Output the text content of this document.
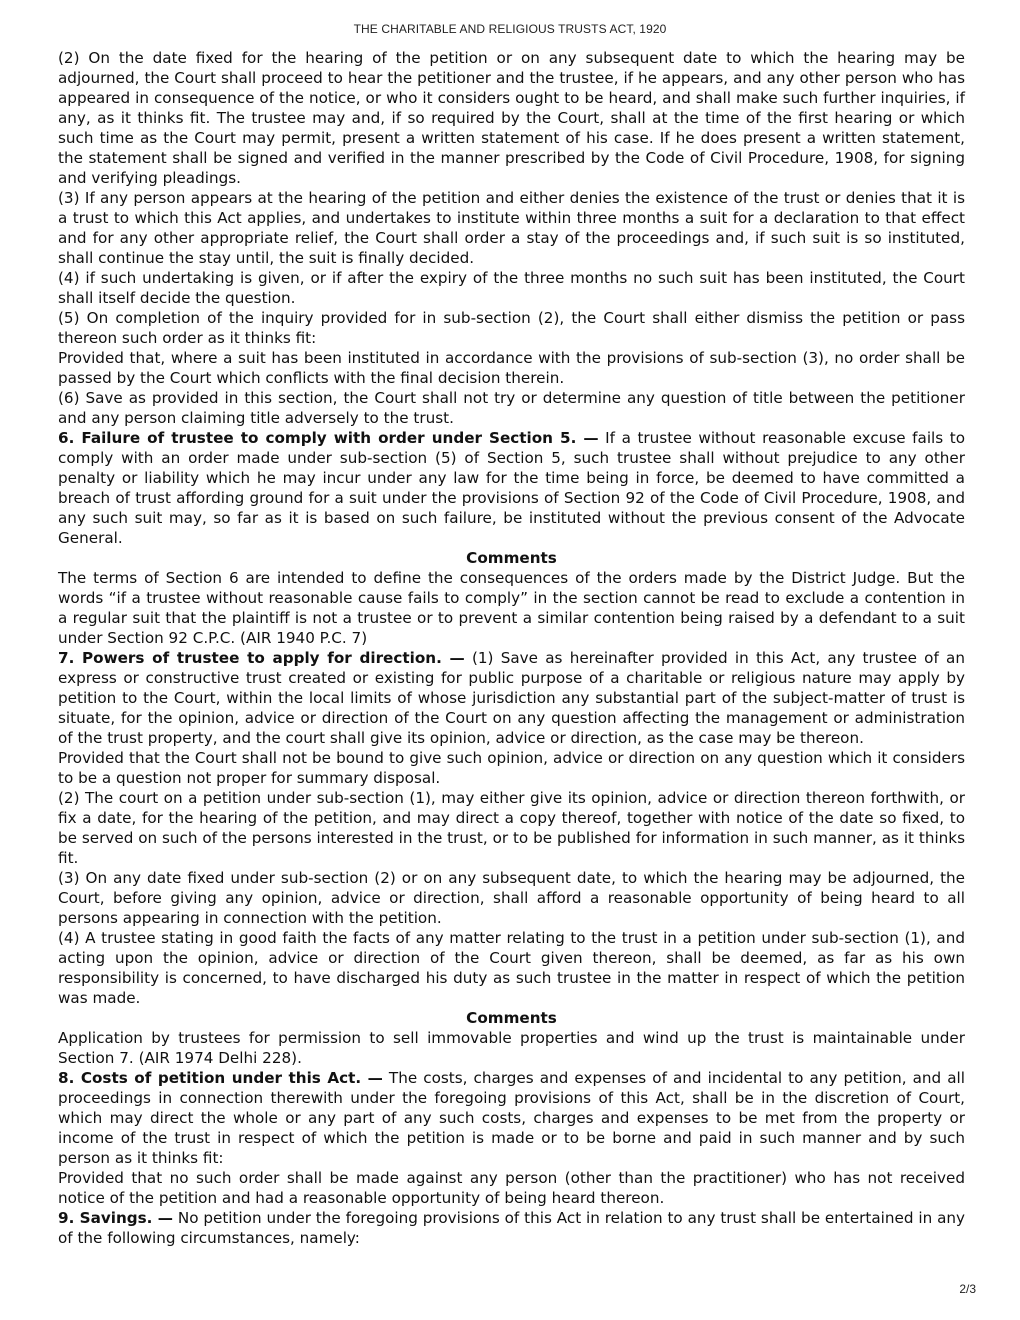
THE CHARITABLE AND RELIGIOUS TRUSTS ACT, 1920

(2) On the date fixed for the hearing of the petition or on any subsequent date to which the hearing may be adjourned, the Court shall proceed to hear the petitioner and the trustee, if he appears, and any other person who has appeared in consequence of the notice, or who it considers ought to be heard, and shall make such further inquiries, if any, as it thinks fit. The trustee may and, if so required by the Court, shall at the time of the first hearing or which such time as the Court may permit, present a written statement of his case. If he does present a written statement, the statement shall be signed and verified in the manner prescribed by the Code of Civil Procedure, 1908, for signing and verifying pleadings.

(3) If any person appears at the hearing of the petition and either denies the existence of the trust or denies that it is a trust to which this Act applies, and undertakes to institute within three months a suit for a declaration to that effect and for any other appropriate relief, the Court shall order a stay of the proceedings and, if such suit is so instituted, shall continue the stay until, the suit is finally decided.

(4) if such undertaking is given, or if after the expiry of the three months no such suit has been instituted, the Court shall itself decide the question.

(5) On completion of the inquiry provided for in sub-section (2), the Court shall either dismiss the petition or pass thereon such order as it thinks fit:

Provided that, where a suit has been instituted in accordance with the provisions of sub-section (3), no order shall be passed by the Court which conflicts with the final decision therein.

(6) Save as provided in this section, the Court shall not try or determine any question of title between the petitioner and any person claiming title adversely to the trust.

6. Failure of trustee to comply with order under Section 5. — If a trustee without reasonable excuse fails to comply with an order made under sub-section (5) of Section 5, such trustee shall without prejudice to any other penalty or liability which he may incur under any law for the time being in force, be deemed to have committed a breach of trust affording ground for a suit under the provisions of Section 92 of the Code of Civil Procedure, 1908, and any such suit may, so far as it is based on such failure, be instituted without the previous consent of the Advocate General.

Comments

The terms of Section 6 are intended to define the consequences of the orders made by the District Judge. But the words “if a trustee without reasonable cause fails to comply” in the section cannot be read to exclude a contention in a regular suit that the plaintiff is not a trustee or to prevent a similar contention being raised by a defendant to a suit under Section 92 C.P.C. (AIR 1940 P.C. 7)

7. Powers of trustee to apply for direction. — (1) Save as hereinafter provided in this Act, any trustee of an express or constructive trust created or existing for public purpose of a charitable or religious nature may apply by petition to the Court, within the local limits of whose jurisdiction any substantial part of the subject-matter of trust is situate, for the opinion, advice or direction of the Court on any question affecting the management or administration of the trust property, and the court shall give its opinion, advice or direction, as the case may be thereon.

Provided that the Court shall not be bound to give such opinion, advice or direction on any question which it considers to be a question not proper for summary disposal.

(2) The court on a petition under sub-section (1), may either give its opinion, advice or direction thereon forthwith, or fix a date, for the hearing of the petition, and may direct a copy thereof, together with notice of the date so fixed, to be served on such of the persons interested in the trust, or to be published for information in such manner, as it thinks fit.

(3) On any date fixed under sub-section (2) or on any subsequent date, to which the hearing may be adjourned, the Court, before giving any opinion, advice or direction, shall afford a reasonable opportunity of being heard to all persons appearing in connection with the petition.

(4) A trustee stating in good faith the facts of any matter relating to the trust in a petition under sub-section (1), and acting upon the opinion, advice or direction of the Court given thereon, shall be deemed, as far as his own responsibility is concerned, to have discharged his duty as such trustee in the matter in respect of which the petition was made.

Comments

Application by trustees for permission to sell immovable properties and wind up the trust is maintainable under Section 7. (AIR 1974 Delhi 228).

8. Costs of petition under this Act. — The costs, charges and expenses of and incidental to any petition, and all proceedings in connection therewith under the foregoing provisions of this Act, shall be in the discretion of Court, which may direct the whole or any part of any such costs, charges and expenses to be met from the property or income of the trust in respect of which the petition is made or to be borne and paid in such manner and by such person as it thinks fit:

Provided that no such order shall be made against any person (other than the practitioner) who has not received notice of the petition and had a reasonable opportunity of being heard thereon.

9. Savings. — No petition under the foregoing provisions of this Act in relation to any trust shall be entertained in any of the following circumstances, namely:

2/3
